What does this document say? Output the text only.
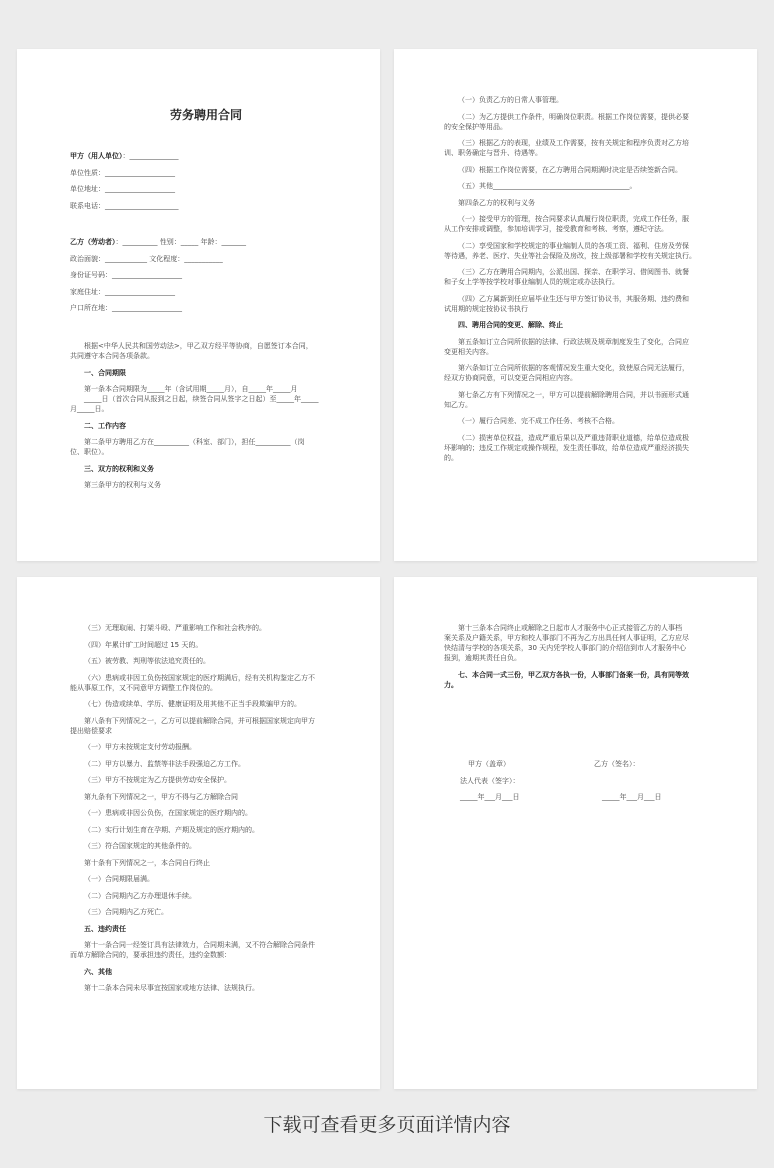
劳务聘用合同

甲方（用人单位）：______________

单位性质：____________________

单位地址：____________________

联系电话：_____________________

乙方（劳动者）：__________ 性别：_____ 年龄：_______

政治面貌：____________ 文化程度：___________

身份证号码：____________________

家庭住址：____________________

户口所在地：____________________

根据<中华人民共和国劳动法>，甲乙双方经平等协商，自愿签订本合同，

共同遵守本合同各项条款。

一、合同期限

第一条本合同期限为_____年（含试用期_____月），自_____年_____月

_____日（首次合同从报到之日起，续签合同从签字之日起）至_____年_____

月_____日。

二、工作内容

第二条甲方聘用乙方在__________（科室、部门），担任__________（岗

位、职位）。

三、双方的权利和义务

第三条甲方的权利与义务

（一）负责乙方的日常人事管理。

（二）为乙方提供工作条件，明确岗位职责。根据工作岗位需要，提供必要

的安全保护等用品。

（三）根据乙方的表现，业绩及工作需要，按有关规定和程序负责对乙方培

训、职务确定与晋升、待遇等。

（四）根据工作岗位需要，在乙方聘用合同期满时决定是否续签新合同。

（五）其他_______________________________________。

第四条乙方的权利与义务

（一）接受甲方的管理，按合同要求认真履行岗位职责，完成工作任务，服

从工作安排或调整，参加培训学习，接受教育和考核、考察，遵纪守法。

（二）享受国家和学校规定的事业编制人员的各项工资、福利、住房及劳保

等待遇，养老、医疗、失业等社会保险及房改，按上级部署和学校有关规定执行。

（三）乙方在聘用合同期内，公派出国、探亲、在职学习、借阅图书、就餐

和子女上学等按学校对事业编制人员的规定或办法执行。

（四）乙方属新到任应届毕业生还与甲方签订协议书，其服务期、违约费和

试用期的规定按协议书执行

四、聘用合同的变更、解除、终止

第五条如订立合同所依据的法律、行政法规及规章制度发生了变化，合同应

变更相关内容。

第六条如订立合同所依据的客观情况发生重大变化，致使原合同无法履行，

经双方协商同意，可以变更合同相应内容。

第七条乙方有下列情况之一，甲方可以提前解除聘用合同，并以书面形式通

知乙方。

（一）履行合同差、完不成工作任务、考核不合格。

（二）损害单位权益，造成严重后果以及严重违背职业道德，给单位造成极

坏影响的；违反工作规定或操作规程，发生责任事故，给单位造成严重经济损失

的。

（三）无理取闹、打架斗殴、严重影响工作和社会秩序的。

（四）年累计旷工时间超过 15 天的。

（五）被劳教、判刑等依法追究责任的。

（六）患病或非因工负伤按国家规定的医疗期满后，经有关机构鉴定乙方不

能从事原工作，又不同意甲方调整工作岗位的。

（七）伪造或续单、学历、健康证明及用其他不正当手段欺骗甲方的。

第八条有下列情况之一，乙方可以提前解除合同，并可根据国家规定向甲方

提出赔偿要求

（一）甲方未按规定支付劳动报酬。

（二）甲方以暴力、监禁等非法手段强迫乙方工作。

（三）甲方不按规定为乙方提供劳动安全保护。

第九条有下列情况之一，甲方不得与乙方解除合同

（一）患病或非因公负伤，在国家规定的医疗期内的。

（二）实行计划生育在孕期、产期及规定的医疗期内的。

（三）符合国家规定的其他条件的。

第十条有下列情况之一，本合同自行终止

（一）合同期限届满。

（二）合同期内乙方办理退休手续。

（三）合同期内乙方死亡。

五、违约责任

第十一条合同一经签订具有法律效力，合同期未满，又不符合解除合同条件

而单方解除合同的，要承担违约责任，违约金数额：

六、其他

第十二条本合同未尽事宜按国家或地方法律、法规执行。

第十三条本合同终止或解除之日起市人才服务中心正式接管乙方的人事档

案关系及户籍关系，甲方和校人事部门不再为乙方出具任何人事证明，乙方应尽

快结清与学校的各项关系，30 天内凭学校人事部门的介绍信到市人才服务中心

报到，逾期其责任自负。

七、本合同一式三份，甲乙双方各执一份，人事部门备案一份，具有同等效

力。

甲方（盖章）	乙方（签名）：

法人代表（签字）：

_____年___月___日	_____年___月___日

下载可查看更多页面详情内容
